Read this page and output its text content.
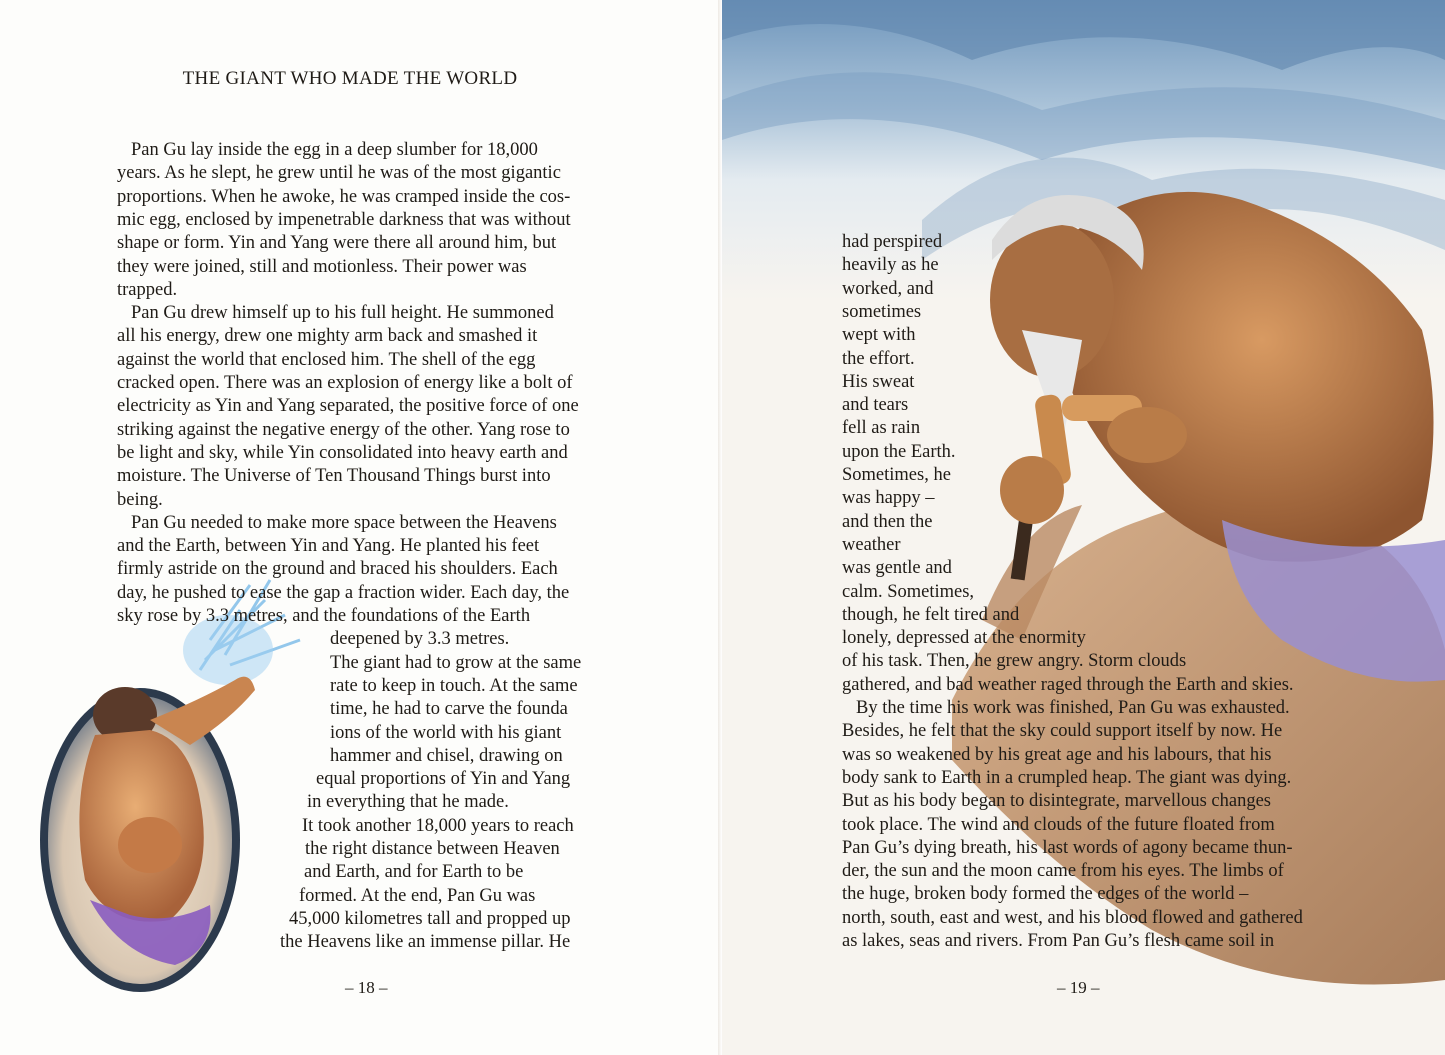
THE GIANT WHO MADE THE WORLD
Pan Gu lay inside the egg in a deep slumber for 18,000
years. As he slept, he grew until he was of the most gigantic
proportions. When he awoke, he was cramped inside the cos-
mic egg, enclosed by impenetrable darkness that was without
shape or form. Yin and Yang were there all around him, but
they were joined, still and motionless. Their power was
trapped.
Pan Gu drew himself up to his full height. He summoned
all his energy, drew one mighty arm back and smashed it
against the world that enclosed him. The shell of the egg
cracked open. There was an explosion of energy like a bolt of
electricity as Yin and Yang separated, the positive force of one
striking against the negative energy of the other. Yang rose to
be light and sky, while Yin consolidated into heavy earth and
moisture. The Universe of Ten Thousand Things burst into
being.
Pan Gu needed to make more space between the Heavens
and the Earth, between Yin and Yang. He planted his feet
firmly astride on the ground and braced his shoulders. Each
day, he pushed to ease the gap a fraction wider. Each day, the
sky rose by 3.3 metres, and the foundations of the Earth
deepened by 3.3 metres.
The giant had to grow at the same
rate to keep in touch. At the same
time, he had to carve the founda
ions of the world with his giant
hammer and chisel, drawing on
equal proportions of Yin and Yang
in everything that he made.
It took another 18,000 years to reach
the right distance between Heaven
and Earth, and for Earth to be
formed. At the end, Pan Gu was
45,000 kilometres tall and propped up
the Heavens like an immense pillar. He
– 18 –
had perspired
heavily as he
worked, and
sometimes
wept with
the effort.
His sweat
and tears
fell as rain
upon the Earth.
Sometimes, he
was happy –
and then the
weather
was gentle and
calm. Sometimes,
though, he felt tired and
lonely, depressed at the enormity
of his task. Then, he grew angry. Storm clouds
gathered, and bad weather raged through the Earth and skies.
By the time his work was finished, Pan Gu was exhausted.
Besides, he felt that the sky could support itself by now. He
was so weakened by his great age and his labours, that his
body sank to Earth in a crumpled heap. The giant was dying.
But as his body began to disintegrate, marvellous changes
took place. The wind and clouds of the future floated from
Pan Gu’s dying breath, his last words of agony became thun-
der, the sun and the moon came from his eyes. The limbs of
the huge, broken body formed the edges of the world –
north, south, east and west, and his blood flowed and gathered
as lakes, seas and rivers. From Pan Gu’s flesh came soil in
– 19 –
